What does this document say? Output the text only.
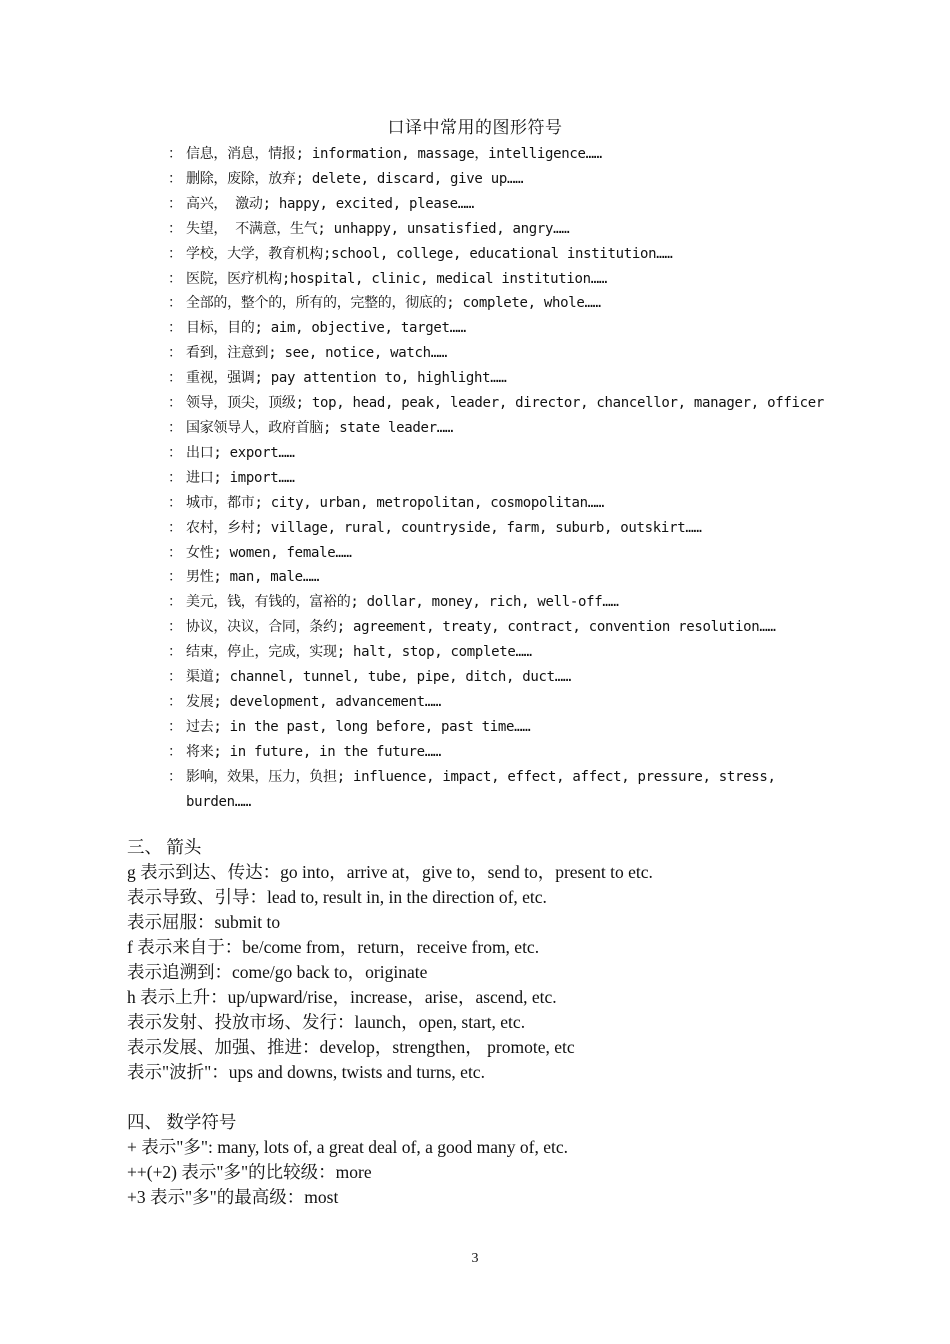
口译中常用的图形符号
： 信息，消息，情报; information, massage，intelligence……
： 删除，废除，放弃; delete, discard, give up……
： 高兴， 激动; happy, excited, please……
： 失望， 不满意，生气; unhappy, unsatisfied, angry……
： 学校，大学，教育机构;school, college, educational institution……
： 医院，医疗机构;hospital, clinic, medical institution……
： 全部的，整个的，所有的，完整的，彻底的; complete, whole……
： 目标，目的; aim, objective, target……
： 看到，注意到; see, notice, watch……
： 重视，强调; pay attention to, highlight……
： 领导，顶尖，顶级; top, head, peak, leader, director, chancellor, manager, officer
： 国家领导人，政府首脑; state leader……
： 出口; export……
： 进口; import……
： 城市，都市; city, urban, metropolitan, cosmopolitan……
： 农村，乡村; village, rural, countryside, farm, suburb, outskirt……
： 女性; women, female……
： 男性; man, male……
： 美元，钱，有钱的，富裕的; dollar, money, rich, well-off……
： 协议，决议，合同，条约; agreement, treaty, contract, convention resolution……
： 结束，停止，完成，实现; halt, stop, complete……
： 渠道; channel, tunnel, tube, pipe, ditch, duct……
： 发展; development, advancement……
： 过去; in the past, long before, past time……
： 将来; in future, in the future……
： 影响，效果，压力，负担; influence, impact, effect, affect, pressure, stress,
burden……
三、 箭头
g 表示到达、传达：go into，arrive at，give to，send to，present to etc.
表示导致、引导：lead to, result in, in the direction of, etc.
表示屈服：submit to
f 表示来自于：be/come from，return，receive from, etc.
表示追溯到：come/go back to，originate
h 表示上升：up/upward/rise，increase，arise，ascend, etc.
表示发射、投放市场、发行：launch，open, start, etc.
表示发展、加强、推进：develop，strengthen， promote, etc
表示"波折"：ups and downs, twists and turns, etc.
四、 数学符号
+ 表示"多": many, lots of, a great deal of, a good many of, etc.
++(+2) 表示"多"的比较级：more
+3 表示"多"的最高级：most
3
